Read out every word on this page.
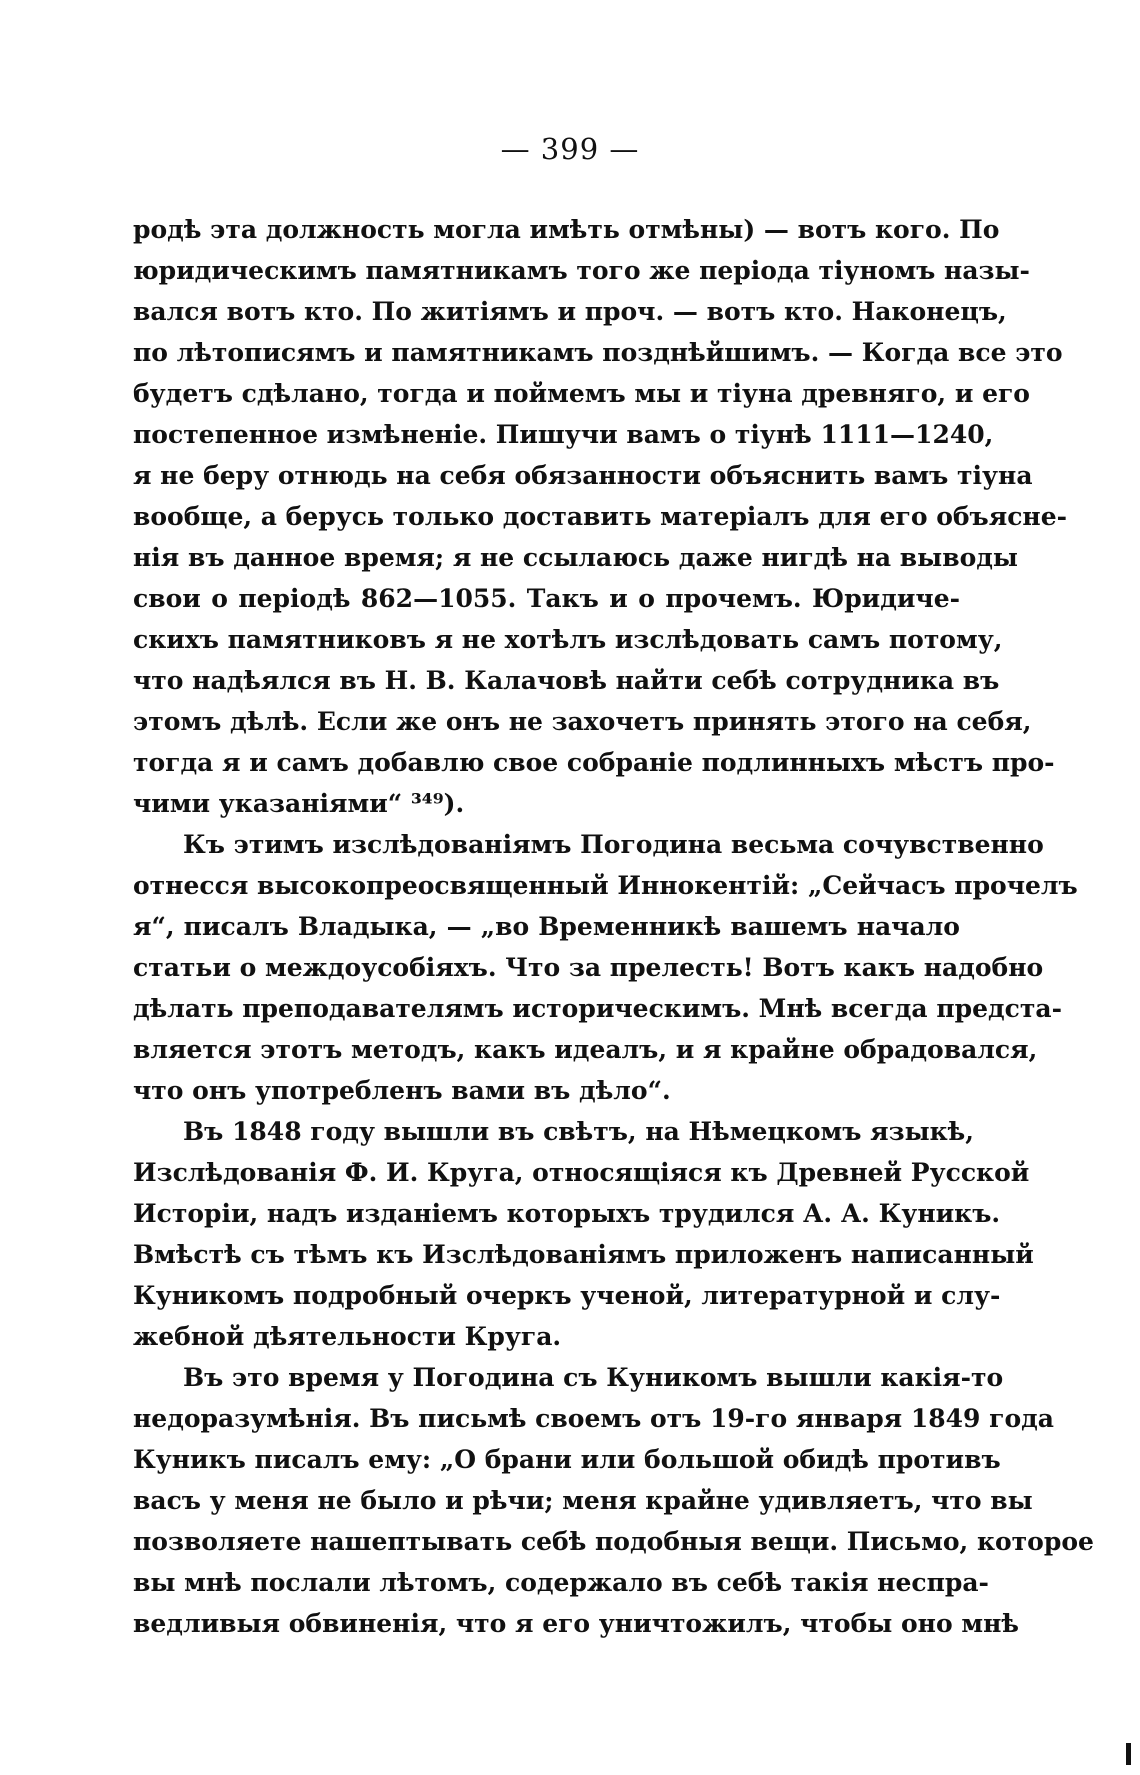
— 399 —
родѣ эта должность могла имѣть отмѣны) — вотъ кого. По
юридическимъ памятникамъ того же періода тіуномъ назы-
вался вотъ кто. По житіямъ и проч. — вотъ кто. Наконецъ,
по лѣтописямъ и памятникамъ позднѣйшимъ. — Когда все это
будетъ сдѣлано, тогда и поймемъ мы и тіуна древняго, и его
постепенное измѣненіе. Пишучи вамъ о тіунѣ 1111—1240,
я не беру отнюдь на себя обязанности объяснить вамъ тіуна
вообще, а берусь только доставить матеріалъ для его объясне-
нія въ данное время; я не ссылаюсь даже нигдѣ на выводы
свои о періодѣ 862—1055. Такъ и о прочемъ. Юридиче-
скихъ памятниковъ я не хотѣлъ изслѣдовать самъ потому,
что надѣялся въ Н. В. Калачовѣ найти себѣ сотрудника въ
этомъ дѣлѣ. Если же онъ не захочетъ принять этого на себя,
тогда я и самъ добавлю свое собраніе подлинныхъ мѣстъ про-
чими указаніями“ ³⁴⁹).
Къ этимъ изслѣдованіямъ Погодина весьма сочувственно
отнесся высокопреосвященный Иннокентій: „Сейчасъ прочелъ
я“, писалъ Владыка, — „во Временникѣ вашемъ начало
статьи о междоусобіяхъ. Что за прелесть! Вотъ какъ надобно
дѣлать преподавателямъ историческимъ. Мнѣ всегда предста-
вляется этотъ методъ, какъ идеалъ, и я крайне обрадовался,
что онъ употребленъ вами въ дѣло“.
Въ 1848 году вышли въ свѣтъ, на Нѣмецкомъ языкѣ,
Изслѣдованія Ф. И. Круга, относящіяся къ Древней Русской
Исторіи, надъ изданіемъ которыхъ трудился А. А. Куникъ.
Вмѣстѣ съ тѣмъ къ Изслѣдованіямъ приложенъ написанный
Куникомъ подробный очеркъ ученой, литературной и слу-
жебной дѣятельности Круга.
Въ это время у Погодина съ Куникомъ вышли какія-то
недоразумѣнія. Въ письмѣ своемъ отъ 19-го января 1849 года
Куникъ писалъ ему: „О брани или большой обидѣ противъ
васъ у меня не было и рѣчи; меня крайне удивляетъ, что вы
позволяете нашептывать себѣ подобныя вещи. Письмо, которое
вы мнѣ послали лѣтомъ, содержало въ себѣ такія неспра-
ведливыя обвиненія, что я его уничтожилъ, чтобы оно мнѣ
